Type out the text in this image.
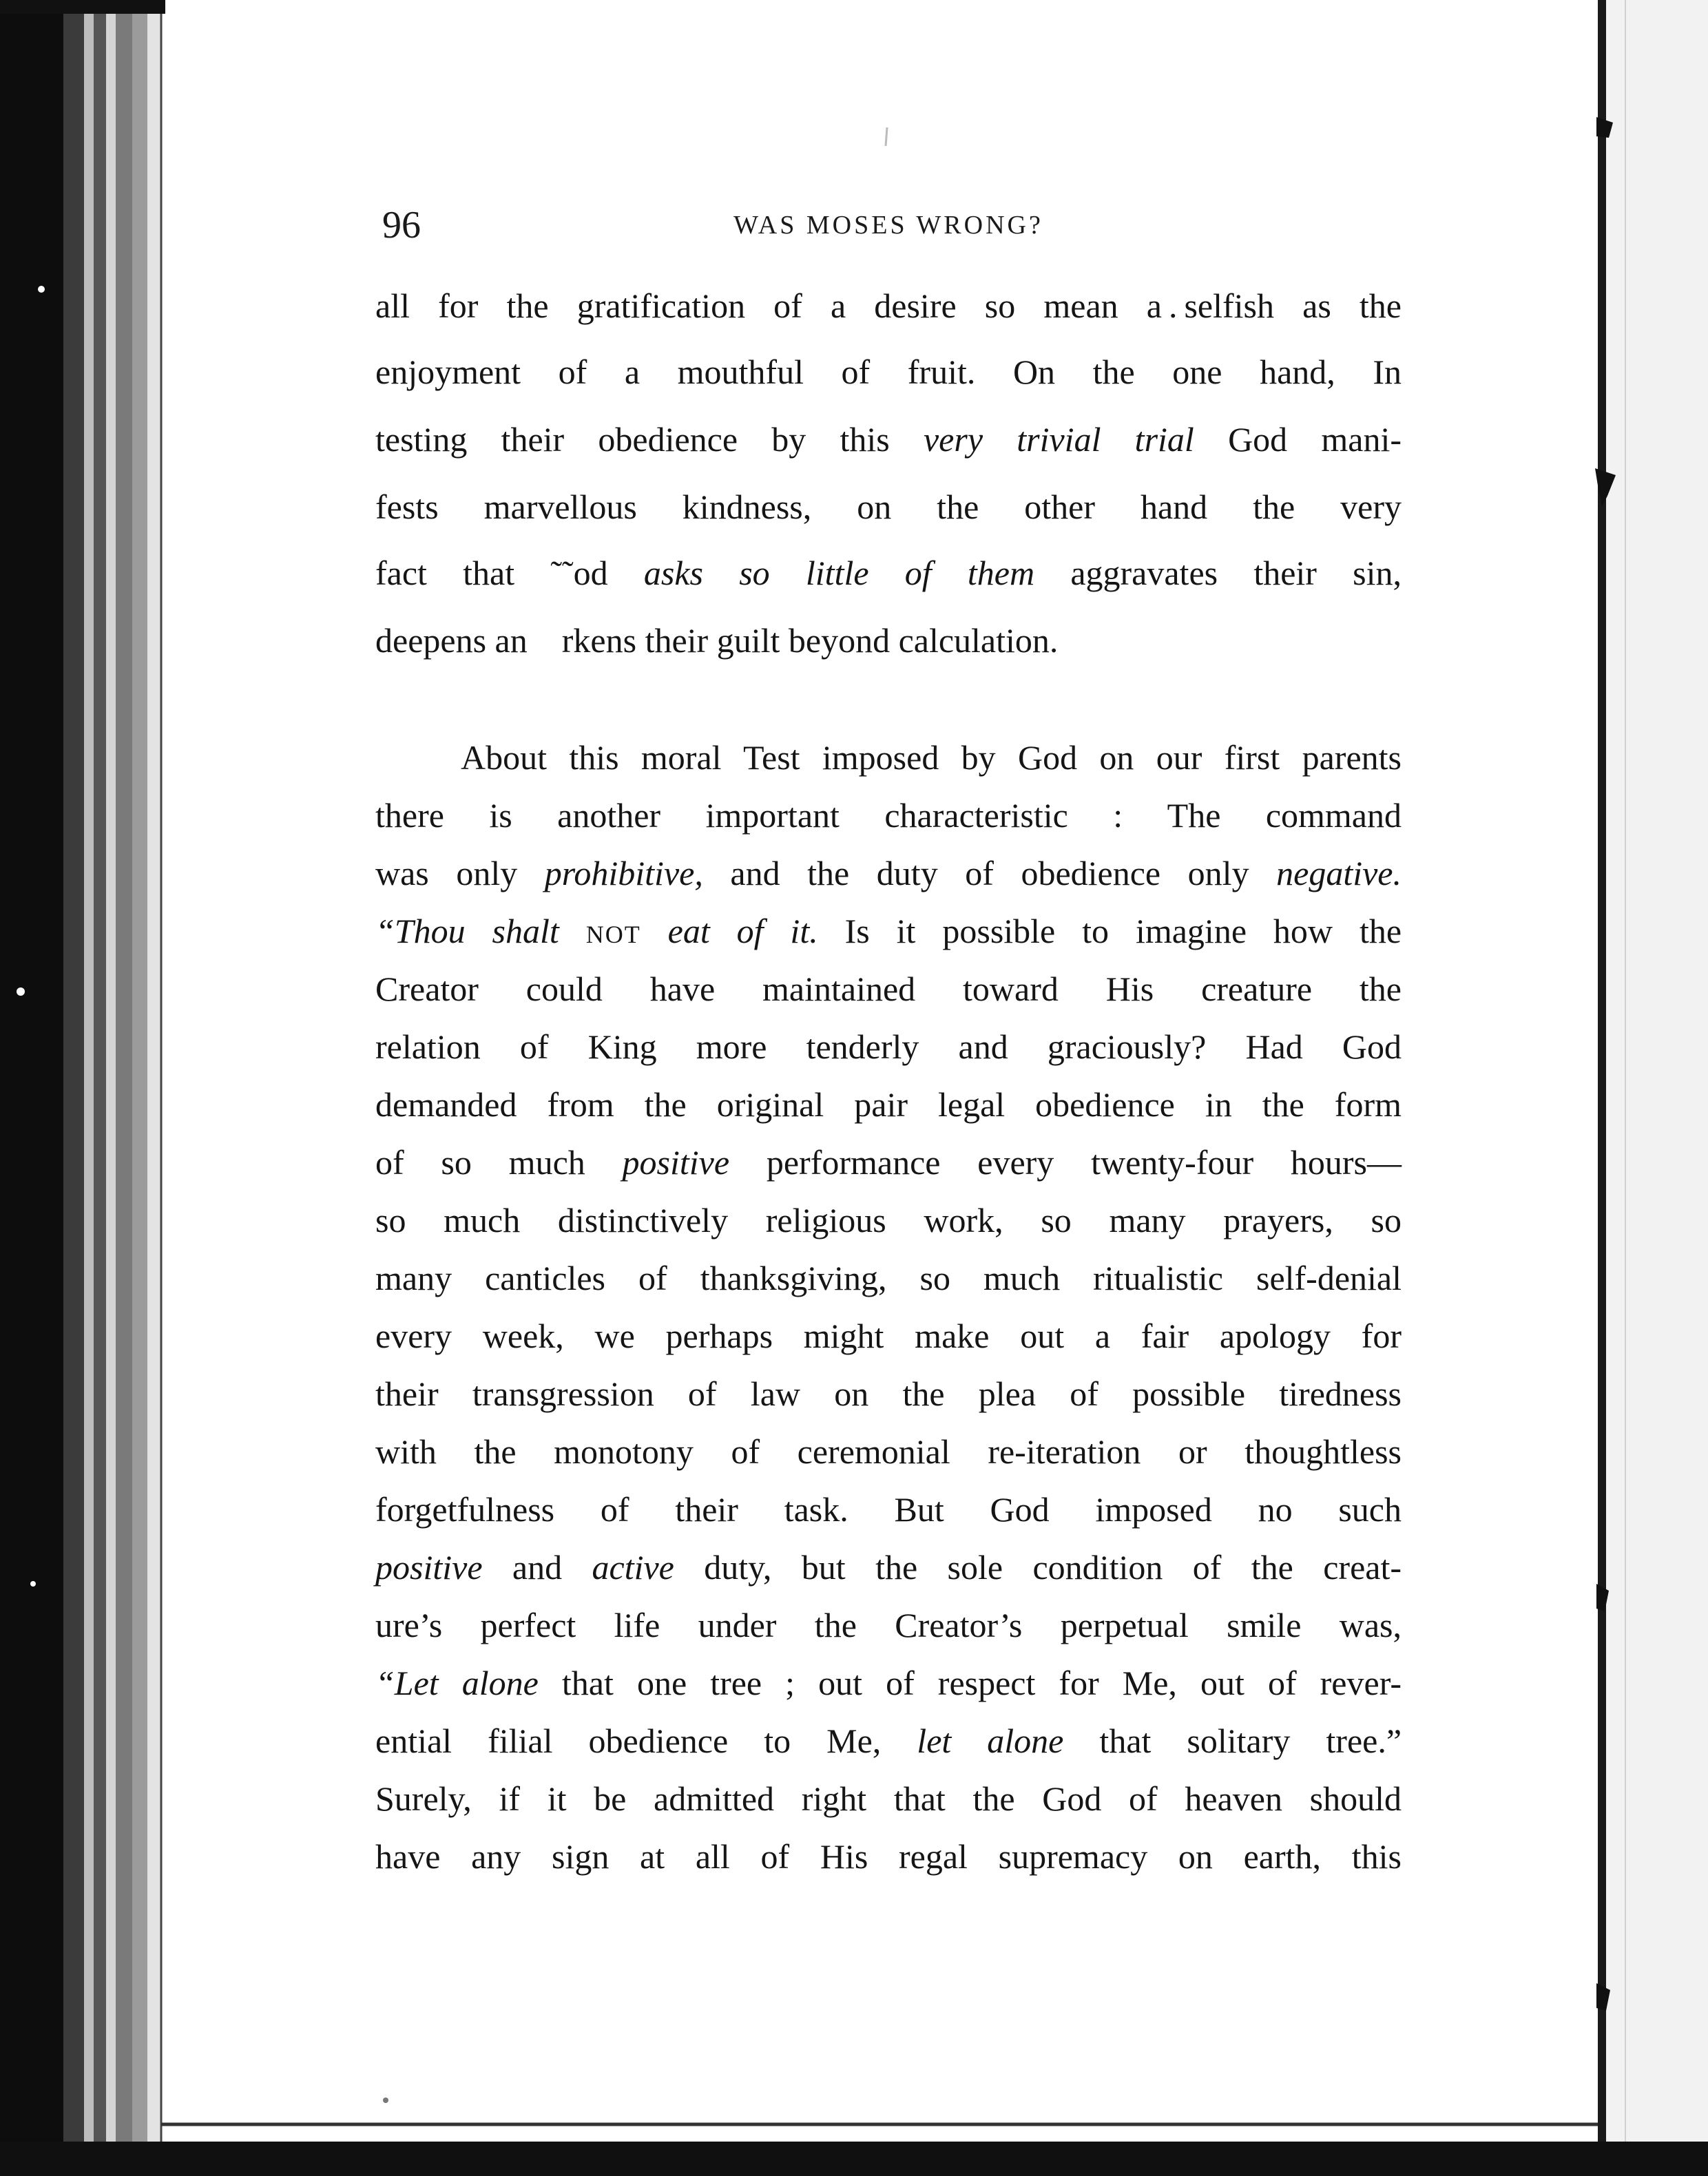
96	WAS MOSES WRONG?
all for the gratification of a desire so mean a . selfish as the
enjoyment of a mouthful of fruit. On the one hand, In
testing their obedience by this very trivial trial God mani-
fests marvellous kindness, on the other hand the very
fact that ˜˜od asks so little of them aggravates their sin,
deepens an     rkens their guilt beyond calculation.
About this moral Test imposed by God on our first parents
there is another important characteristic : The command
was only prohibitive, and the duty of obedience only negative.
“Thou shalt NOT eat of it. Is it possible to imagine how the
Creator could have maintained toward His creature the
relation of King more tenderly and graciously? Had God
demanded from the original pair legal obedience in the form
of so much positive performance every twenty-four hours—
so much distinctively religious work, so many prayers, so
many canticles of thanksgiving, so much ritualistic self-denial
every week, we perhaps might make out a fair apology for
their transgression of law on the plea of possible tiredness
with the monotony of ceremonial re-iteration or thoughtless
forgetfulness of their task. But God imposed no such
positive and active duty, but the sole condition of the creat-
ure’s perfect life under the Creator’s perpetual smile was,
“Let alone that one tree ; out of respect for Me, out of rever-
ential filial obedience to Me, let alone that solitary tree.”
Surely, if it be admitted right that the God of heaven should
have any sign at all of His regal supremacy on earth, this
